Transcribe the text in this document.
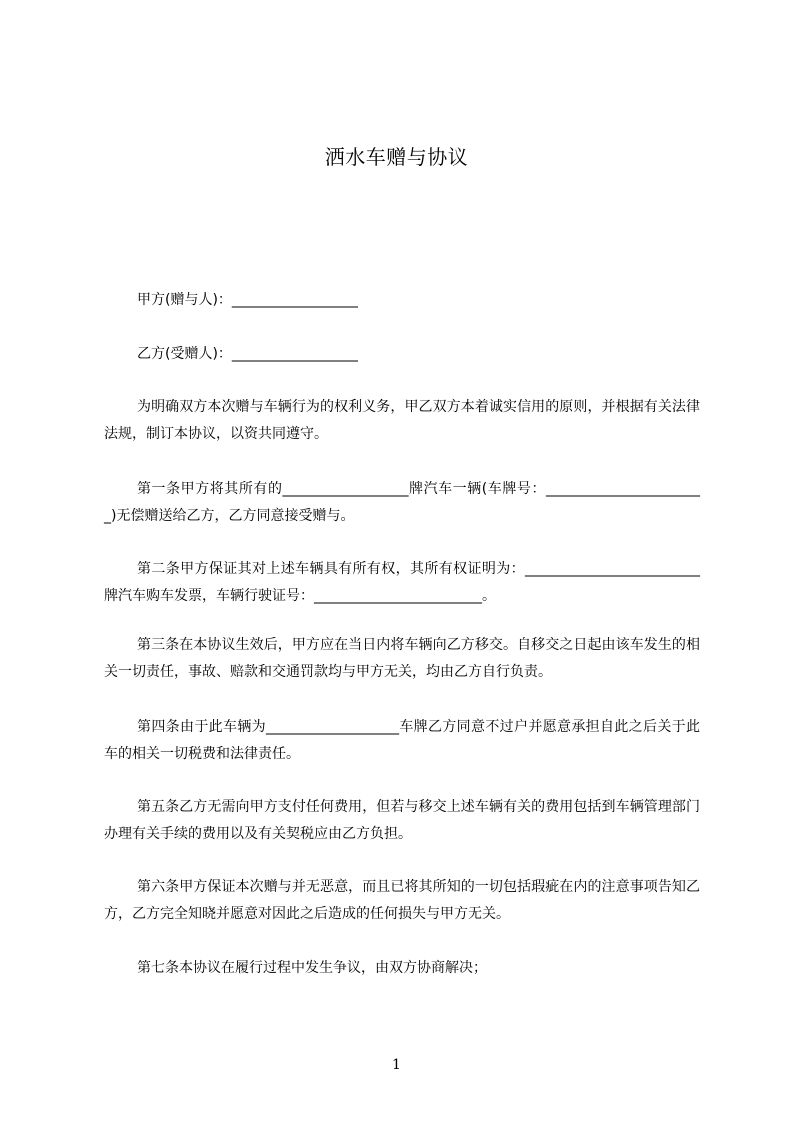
洒水车赠与协议
甲方(赠与人)：__________________
乙方(受赠人)：__________________
为明确双方本次赠与车辆行为的权利义务，甲乙双方本着诚实信用的原则，并根据有关法律法规，制订本协议，以资共同遵守。
第一条甲方将其所有的__________________牌汽车一辆(车牌号：_______________________)无偿赠送给乙方，乙方同意接受赠与。
第二条甲方保证其对上述车辆具有所有权，其所有权证明为：_________________________牌汽车购车发票，车辆行驶证号：________________________。
第三条在本协议生效后，甲方应在当日内将车辆向乙方移交。自移交之日起由该车发生的相关一切责任，事故、赔款和交通罚款均与甲方无关，均由乙方自行负责。
第四条由于此车辆为___________________车牌乙方同意不过户并愿意承担自此之后关于此车的相关一切税费和法律责任。
第五条乙方无需向甲方支付任何费用，但若与移交上述车辆有关的费用包括到车辆管理部门办理有关手续的费用以及有关契税应由乙方负担。
第六条甲方保证本次赠与并无恶意，而且已将其所知的一切包括瑕疵在内的注意事项告知乙方，乙方完全知晓并愿意对因此之后造成的任何损失与甲方无关。
第七条本协议在履行过程中发生争议，由双方协商解决；
1
